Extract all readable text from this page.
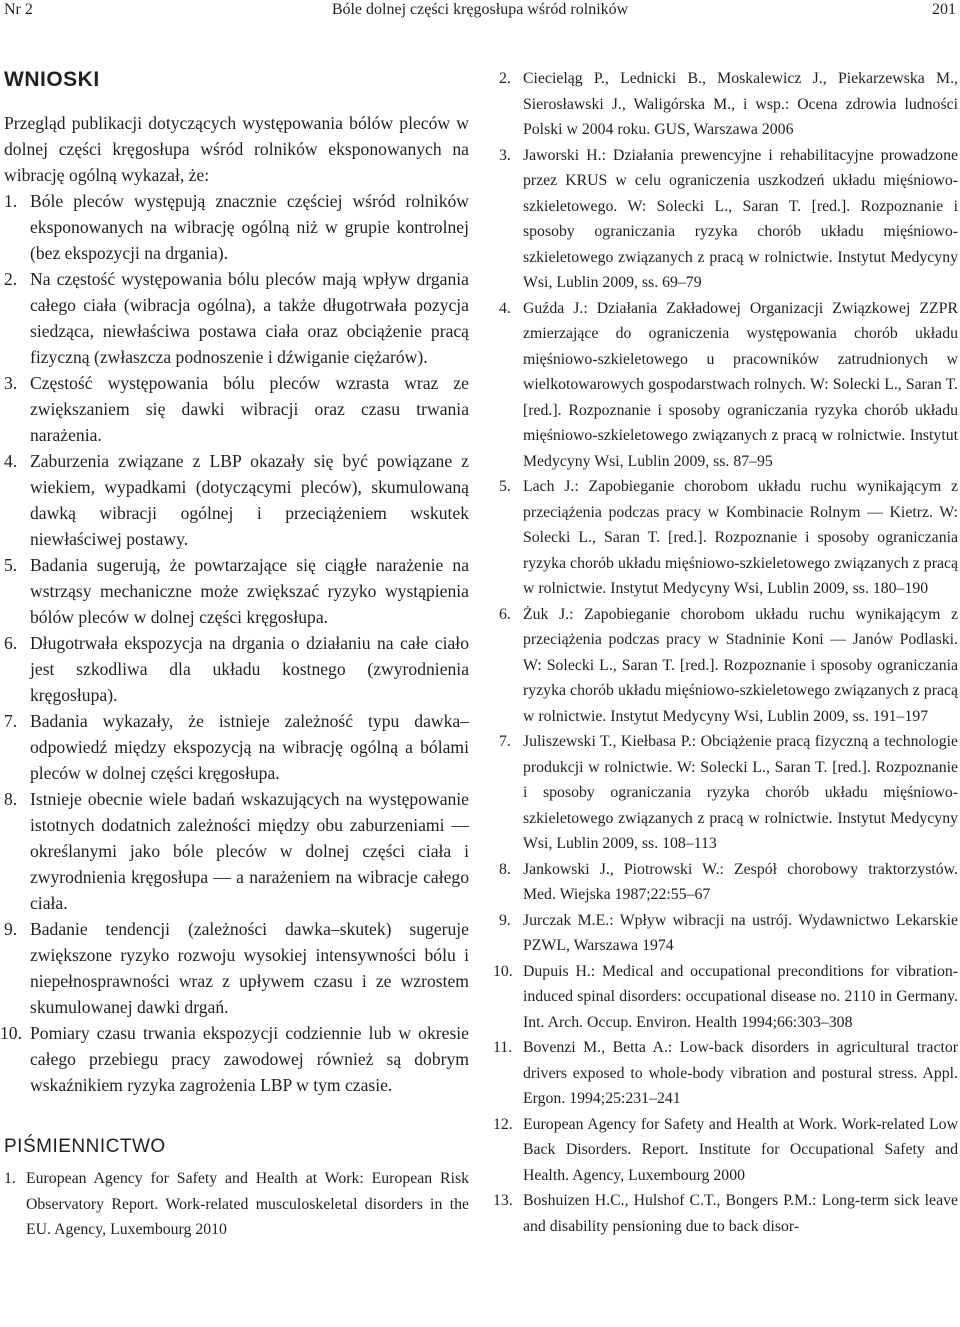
Nr 2	Bóle dolnej części kręgosłupa wśród rolników	201
WNIOSKI

Przegląd publikacji dotyczących występowania bólów pleców w dolnej części kręgosłupa wśród rolników eksponowanych na wibrację ogólną wykazał, że:

1. Bóle pleców występują znacznie częściej wśród rolników eksponowanych na wibrację ogólną niż w grupie kontrolnej (bez ekspozycji na drgania).
2. Na częstość występowania bólu pleców mają wpływ drgania całego ciała (wibracja ogólna), a także długotrwała pozycja siedząca, niewłaściwa postawa ciała oraz obciążenie pracą fizyczną (zwłaszcza podnoszenie i dźwiganie ciężarów).
3. Częstość występowania bólu pleców wzrasta wraz ze zwiększaniem się dawki wibracji oraz czasu trwania narażenia.
4. Zaburzenia związane z LBP okazały się być powiązane z wiekiem, wypadkami (dotyczącymi pleców), skumulowaną dawką wibracji ogólnej i przeciążeniem wskutek niewłaściwej postawy.
5. Badania sugerują, że powtarzające się ciągłe narażenie na wstrząsy mechaniczne może zwiększać ryzyko wystąpienia bólów pleców w dolnej części kręgosłupa.
6. Długotrwała ekspozycja na drgania o działaniu na całe ciało jest szkodliwa dla układu kostnego (zwyrodnienia kręgosłupa).
7. Badania wykazały, że istnieje zależność typu dawka–odpowiedź między ekspozycją na wibrację ogólną a bólami pleców w dolnej części kręgosłupa.
8. Istnieje obecnie wiele badań wskazujących na występowanie istotnych dodatnich zależności między obu zaburzeniami — określanymi jako bóle pleców w dolnej części ciała i zwyrodnienia kręgosłupa — a narażeniem na wibracje całego ciała.
9. Badanie tendencji (zależności dawka–skutek) sugeruje zwiększone ryzyko rozwoju wysokiej intensywności bólu i niepełnosprawności wraz z upływem czasu i ze wzrostem skumulowanej dawki drgań.
10. Pomiary czasu trwania ekspozycji codziennie lub w okresie całego przebiegu pracy zawodowej również są dobrym wskaźnikiem ryzyka zagrożenia LBP w tym czasie.
PIŚMIENNICTWO
1. European Agency for Safety and Health at Work: European Risk Observatory Report. Work-related musculoskeletal disorders in the EU. Agency, Luxembourg 2010
2. Ciecieląg P., Lednicki B., Moskalewicz J., Piekarzewska M., Sierosławski J., Waligórska M., i wsp.: Ocena zdrowia ludności Polski w 2004 roku. GUS, Warszawa 2006
3. Jaworski H.: Działania prewencyjne i rehabilitacyjne prowadzone przez KRUS w celu ograniczenia uszkodzeń układu mięśniowo-szkieletowego. W: Solecki L., Saran T. [red.]. Rozpoznanie i sposoby ograniczania ryzyka chorób układu mięśniowo-szkieletowego związanych z pracą w rolnictwie. Instytut Medycyny Wsi, Lublin 2009, ss. 69–79
4. Guźda J.: Działania Zakładowej Organizacji Związkowej ZZPR zmierzające do ograniczenia występowania chorób układu mięśniowo-szkieletowego u pracowników zatrudnionych w wielkotowarowych gospodarstwach rolnych. W: Solecki L., Saran T. [red.]. Rozpoznanie i sposoby ograniczania ryzyka chorób układu mięśniowo-szkieletowego związanych z pracą w rolnictwie. Instytut Medycyny Wsi, Lublin 2009, ss. 87–95
5. Lach J.: Zapobieganie chorobom układu ruchu wynikającym z przeciążenia podczas pracy w Kombinacie Rolnym — Kietrz. W: Solecki L., Saran T. [red.]. Rozpoznanie i sposoby ograniczania ryzyka chorób układu mięśniowo-szkieletowego związanych z pracą w rolnictwie. Instytut Medycyny Wsi, Lublin 2009, ss. 180–190
6. Żuk J.: Zapobieganie chorobom układu ruchu wynikającym z przeciążenia podczas pracy w Stadninie Koni — Janów Podlaski. W: Solecki L., Saran T. [red.]. Rozpoznanie i sposoby ograniczania ryzyka chorób układu mięśniowo-szkieletowego związanych z pracą w rolnictwie. Instytut Medycyny Wsi, Lublin 2009, ss. 191–197
7. Juliszewski T., Kiełbasa P.: Obciążenie pracą fizyczną a technologie produkcji w rolnictwie. W: Solecki L., Saran T. [red.]. Rozpoznanie i sposoby ograniczania ryzyka chorób układu mięśniowo-szkieletowego związanych z pracą w rolnictwie. Instytut Medycyny Wsi, Lublin 2009, ss. 108–113
8. Jankowski J., Piotrowski W.: Zespół chorobowy traktorzystów. Med. Wiejska 1987;22:55–67
9. Jurczak M.E.: Wpływ wibracji na ustrój. Wydawnictwo Lekarskie PZWL, Warszawa 1974
10. Dupuis H.: Medical and occupational preconditions for vibration-induced spinal disorders: occupational disease no. 2110 in Germany. Int. Arch. Occup. Environ. Health 1994;66:303–308
11. Bovenzi M., Betta A.: Low-back disorders in agricultural tractor drivers exposed to whole-body vibration and postural stress. Appl. Ergon. 1994;25:231–241
12. European Agency for Safety and Health at Work. Work-related Low Back Disorders. Report. Institute for Occupational Safety and Health. Agency, Luxembourg 2000
13. Boshuizen H.C., Hulshof C.T., Bongers P.M.: Long-term sick leave and disability pensioning due to back disor-
